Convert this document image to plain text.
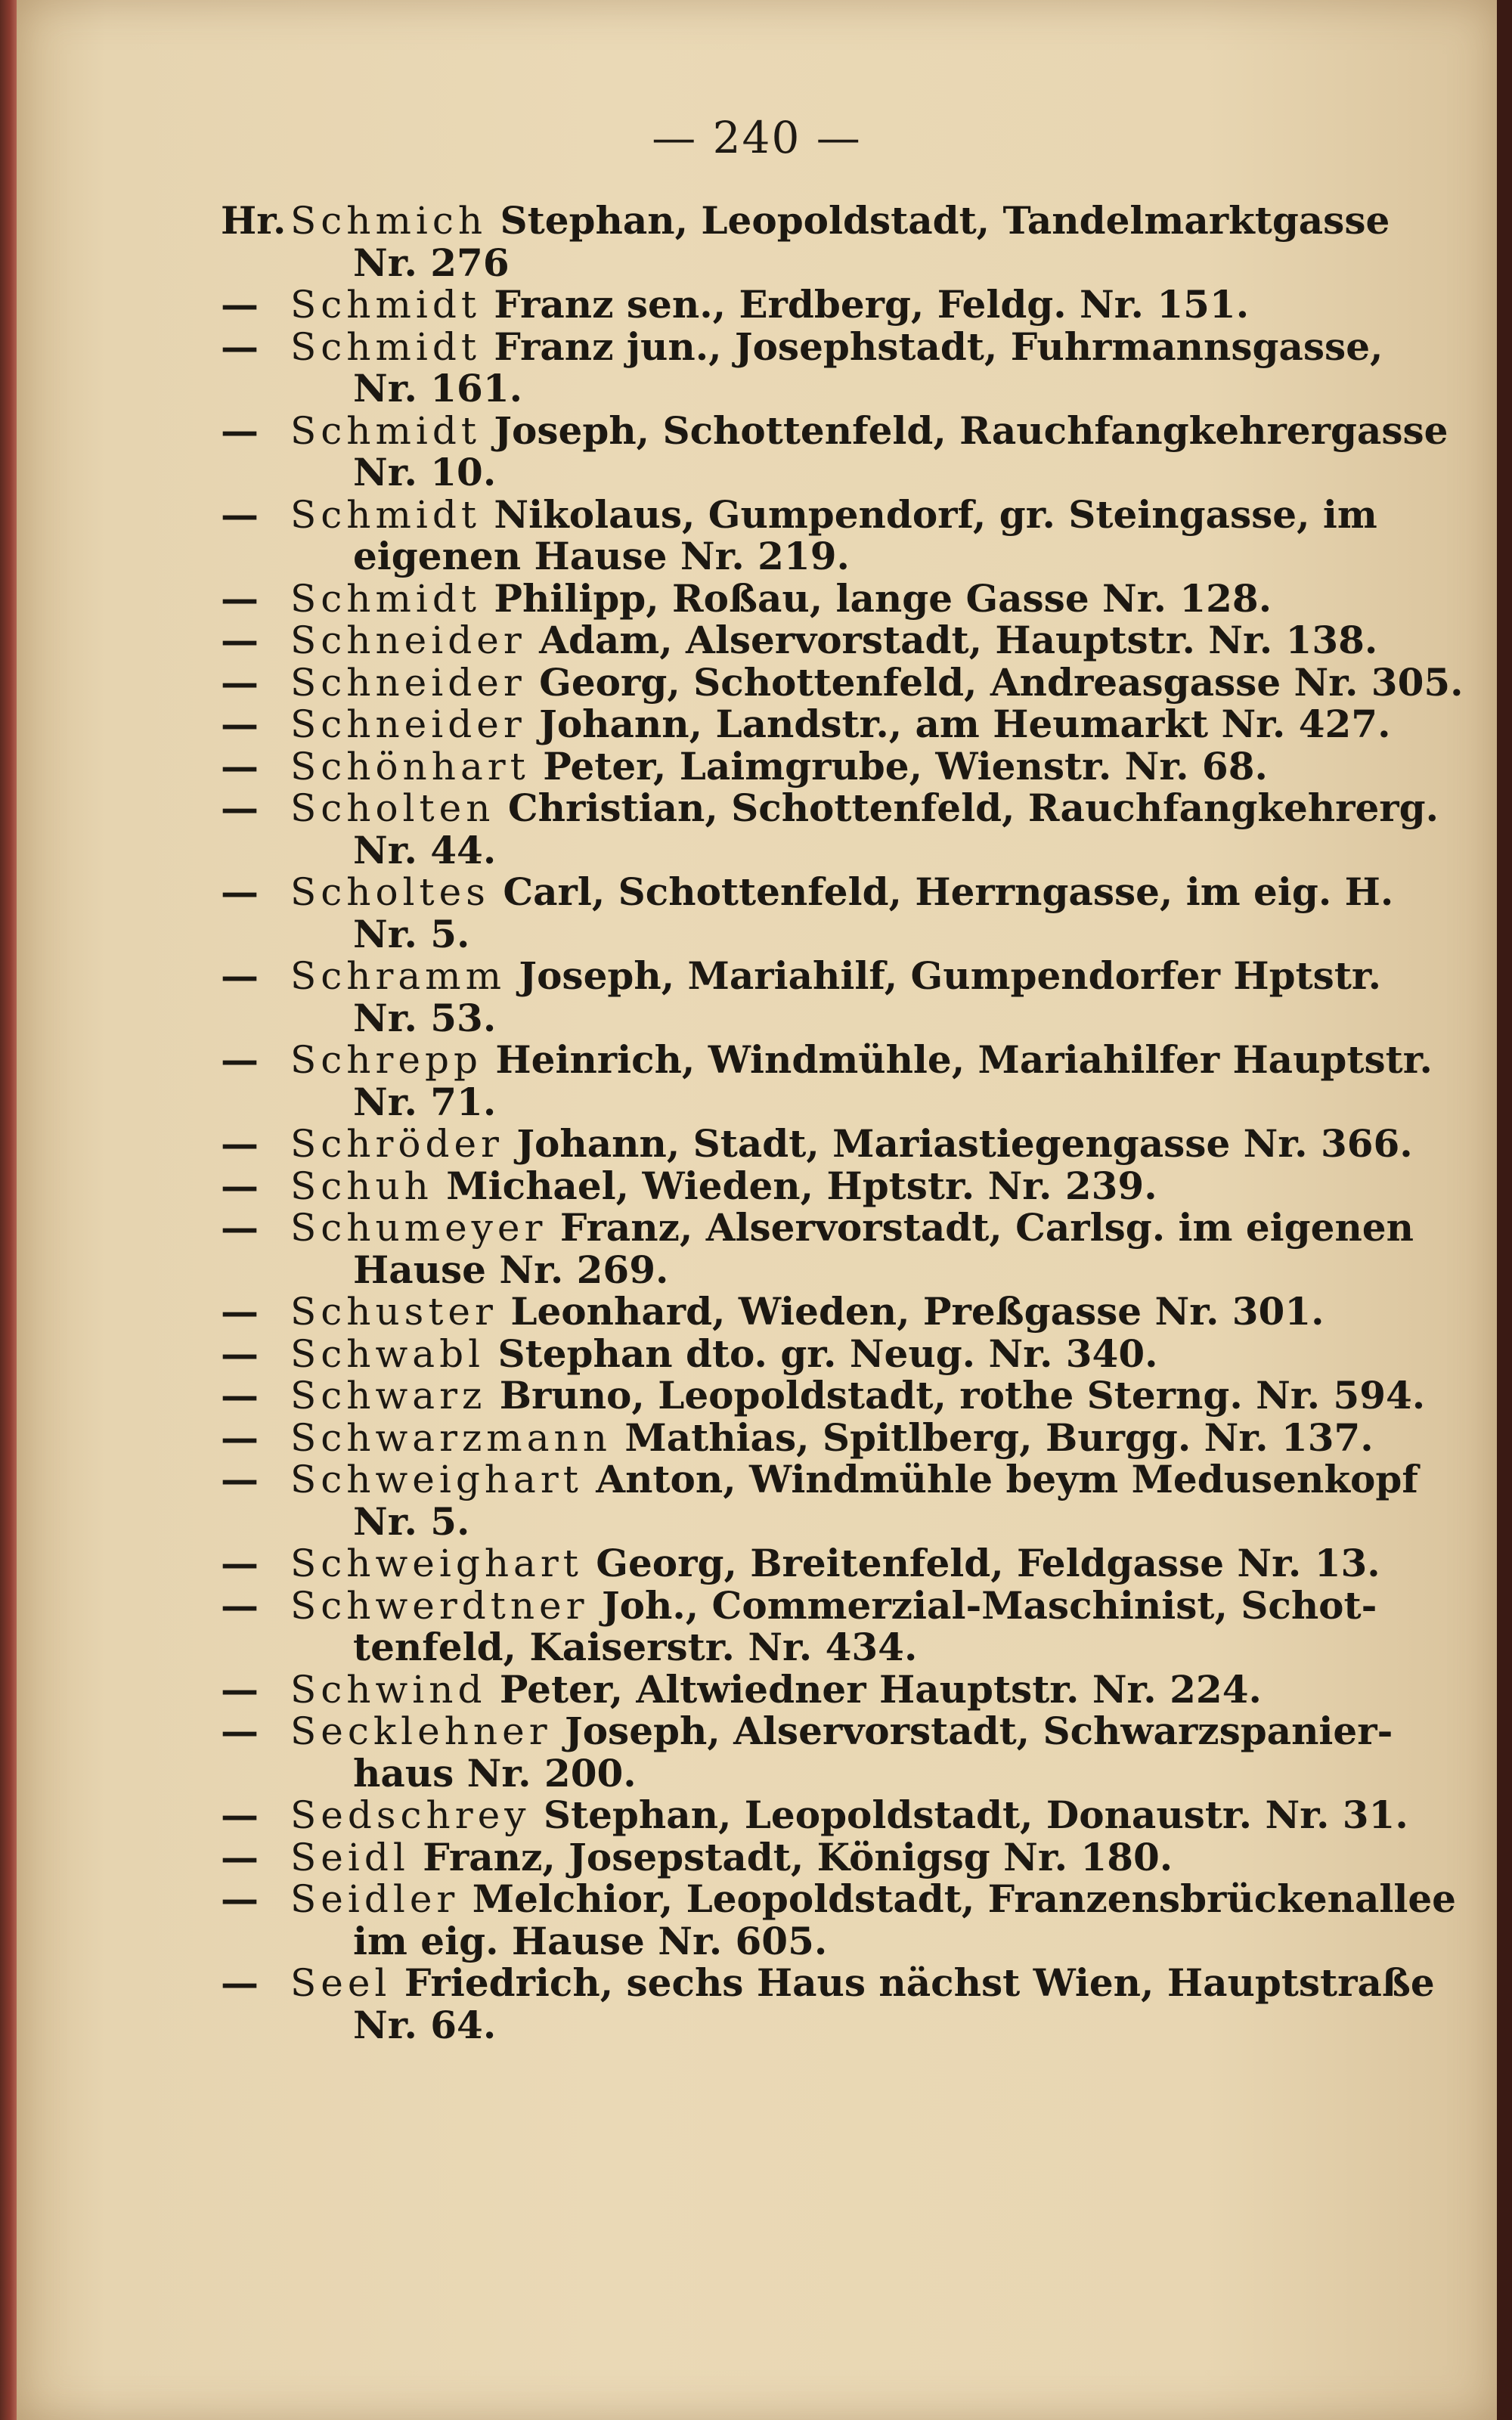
— 240 —
Hr. Schmich Stephan, Leopoldstadt, Tandelmarktgasse
Nr. 276
— Schmidt Franz sen., Erdberg, Feldg. Nr. 151.
— Schmidt Franz jun., Josephstadt, Fuhrmannsgasse,
Nr. 161.
— Schmidt Joseph, Schottenfeld, Rauchfangkehrergasse
Nr. 10.
— Schmidt Nikolaus, Gumpendorf, gr. Steingasse, im
eigenen Hause Nr. 219.
— Schmidt Philipp, Roßau, lange Gasse Nr. 128.
— Schneider Adam, Alservorstadt, Hauptstr. Nr. 138.
— Schneider Georg, Schottenfeld, Andreasgasse Nr. 305.
— Schneider Johann, Landstr., am Heumarkt Nr. 427.
— Schönhart Peter, Laimgrube, Wienstr. Nr. 68.
— Scholten Christian, Schottenfeld, Rauchfangkehrerg.
Nr. 44.
— Scholtes Carl, Schottenfeld, Herrngasse, im eig. H.
Nr. 5.
— Schramm Joseph, Mariahilf, Gumpendorfer Hptstr.
Nr. 53.
— Schrepp Heinrich, Windmühle, Mariahilfer Hauptstr.
Nr. 71.
— Schröder Johann, Stadt, Mariastiegengasse Nr. 366.
— Schuh Michael, Wieden, Hptstr. Nr. 239.
— Schumeyer Franz, Alservorstadt, Carlsg. im eigenen
Hause Nr. 269.
— Schuster Leonhard, Wieden, Preßgasse Nr. 301.
— Schwabl Stephan dto. gr. Neug. Nr. 340.
— Schwarz Bruno, Leopoldstadt, rothe Sterng. Nr. 594.
— Schwarzmann Mathias, Spitlberg, Burgg. Nr. 137.
— Schweighart Anton, Windmühle beym Medusenkopf
Nr. 5.
— Schweighart Georg, Breitenfeld, Feldgasse Nr. 13.
— Schwerdtner Joh., Commerzial-Maschinist, Schot-
tenfeld, Kaiserstr. Nr. 434.
— Schwind Peter, Altwiedner Hauptstr. Nr. 224.
— Secklehner Joseph, Alservorstadt, Schwarzspanier-
haus Nr. 200.
— Sedschrey Stephan, Leopoldstadt, Donaustr. Nr. 31.
— Seidl Franz, Josepstadt, Königsg Nr. 180.
— Seidler Melchior, Leopoldstadt, Franzensbrückenallee
im eig. Hause Nr. 605.
— Seel Friedrich, sechs Haus nächst Wien, Hauptstraße
Nr. 64.
